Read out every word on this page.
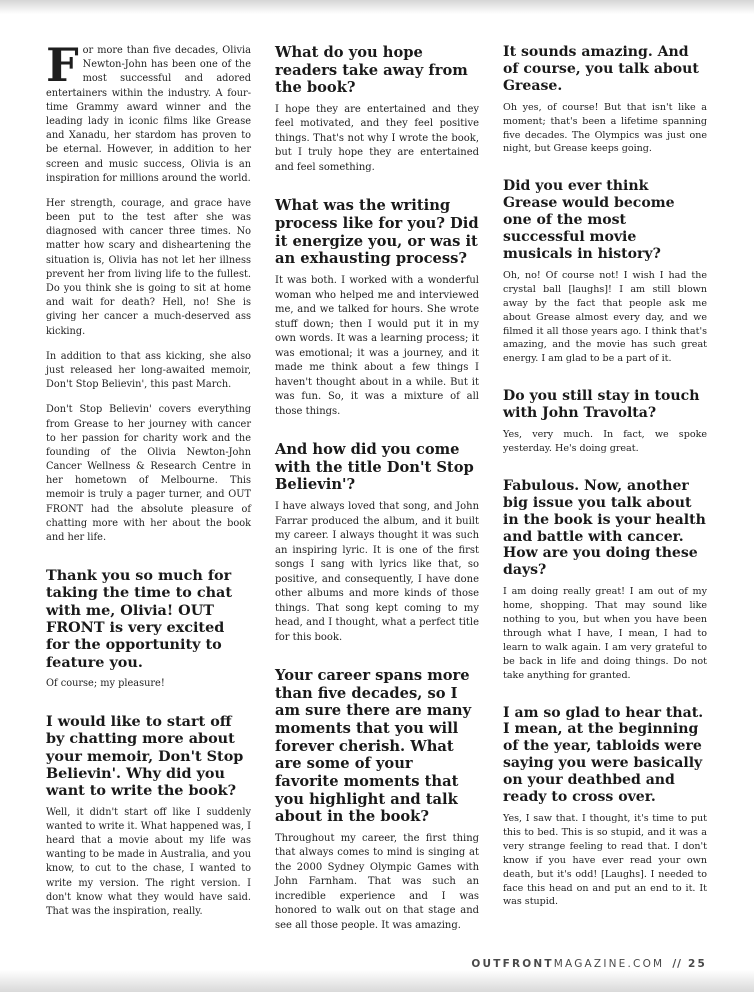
For more than five decades, Olivia Newton-John has been one of the most successful and adored entertainers within the industry. A four-time Grammy award winner and the leading lady in iconic films like Grease and Xanadu, her stardom has proven to be eternal. However, in addition to her screen and music success, Olivia is an inspiration for millions around the world.

Her strength, courage, and grace have been put to the test after she was diagnosed with cancer three times. No matter how scary and disheartening the situation is, Olivia has not let her illness prevent her from living life to the fullest. Do you think she is going to sit at home and wait for death? Hell, no! She is giving her cancer a much-deserved ass kicking.

In addition to that ass kicking, she also just released her long-awaited memoir, Don't Stop Believin', this past March.

Don't Stop Believin' covers everything from Grease to her journey with cancer to her passion for charity work and the founding of the Olivia Newton-John Cancer Wellness & Research Centre in her hometown of Melbourne. This memoir is truly a pager turner, and OUT FRONT had the absolute pleasure of chatting more with her about the book and her life.

Thank you so much for taking the time to chat with me, Olivia! OUT FRONT is very excited for the opportunity to feature you.

Of course; my pleasure!

I would like to start off by chatting more about your memoir, Don't Stop Believin'. Why did you want to write the book?

Well, it didn't start off like I suddenly wanted to write it. What happened was, I heard that a movie about my life was wanting to be made in Australia, and you know, to cut to the chase, I wanted to write my version. The right version. I don't know what they would have said. That was the inspiration, really.

What do you hope readers take away from the book?

I hope they are entertained and they feel motivated, and they feel positive things. That's not why I wrote the book, but I truly hope they are entertained and feel something.

What was the writing process like for you? Did it energize you, or was it an exhausting process?

It was both. I worked with a wonderful woman who helped me and interviewed me, and we talked for hours. She wrote stuff down; then I would put it in my own words. It was a learning process; it was emotional; it was a journey, and it made me think about a few things I haven't thought about in a while. But it was fun. So, it was a mixture of all those things.

And how did you come with the title Don't Stop Believin'?

I have always loved that song, and John Farrar produced the album, and it built my career. I always thought it was such an inspiring lyric. It is one of the first songs I sang with lyrics like that, so positive, and consequently, I have done other albums and more kinds of those things. That song kept coming to my head, and I thought, what a perfect title for this book.

Your career spans more than five decades, so I am sure there are many moments that you will forever cherish. What are some of your favorite moments that you highlight and talk about in the book?

Throughout my career, the first thing that always comes to mind is singing at the 2000 Sydney Olympic Games with John Farnham. That was such an incredible experience and I was honored to walk out on that stage and see all those people. It was amazing.

It sounds amazing. And of course, you talk about Grease.

Oh yes, of course! But that isn't like a moment; that's been a lifetime spanning five decades. The Olympics was just one night, but Grease keeps going.

Did you ever think Grease would become one of the most successful movie musicals in history?

Oh, no! Of course not! I wish I had the crystal ball [laughs]! I am still blown away by the fact that people ask me about Grease almost every day, and we filmed it all those years ago. I think that's amazing, and the movie has such great energy. I am glad to be a part of it.

Do you still stay in touch with John Travolta?

Yes, very much. In fact, we spoke yesterday. He's doing great.

Fabulous. Now, another big issue you talk about in the book is your health and battle with cancer. How are you doing these days?

I am doing really great! I am out of my home, shopping. That may sound like nothing to you, but when you have been through what I have, I mean, I had to learn to walk again. I am very grateful to be back in life and doing things. Do not take anything for granted.

I am so glad to hear that. I mean, at the beginning of the year, tabloids were saying you were basically on your deathbed and ready to cross over.

Yes, I saw that. I thought, it's time to put this to bed. This is so stupid, and it was a very strange feeling to read that. I don't know if you have ever read your own death, but it's odd! [Laughs]. I needed to face this head on and put an end to it. It was stupid.

OUTFRONTMAGAZINE.COM // 25
